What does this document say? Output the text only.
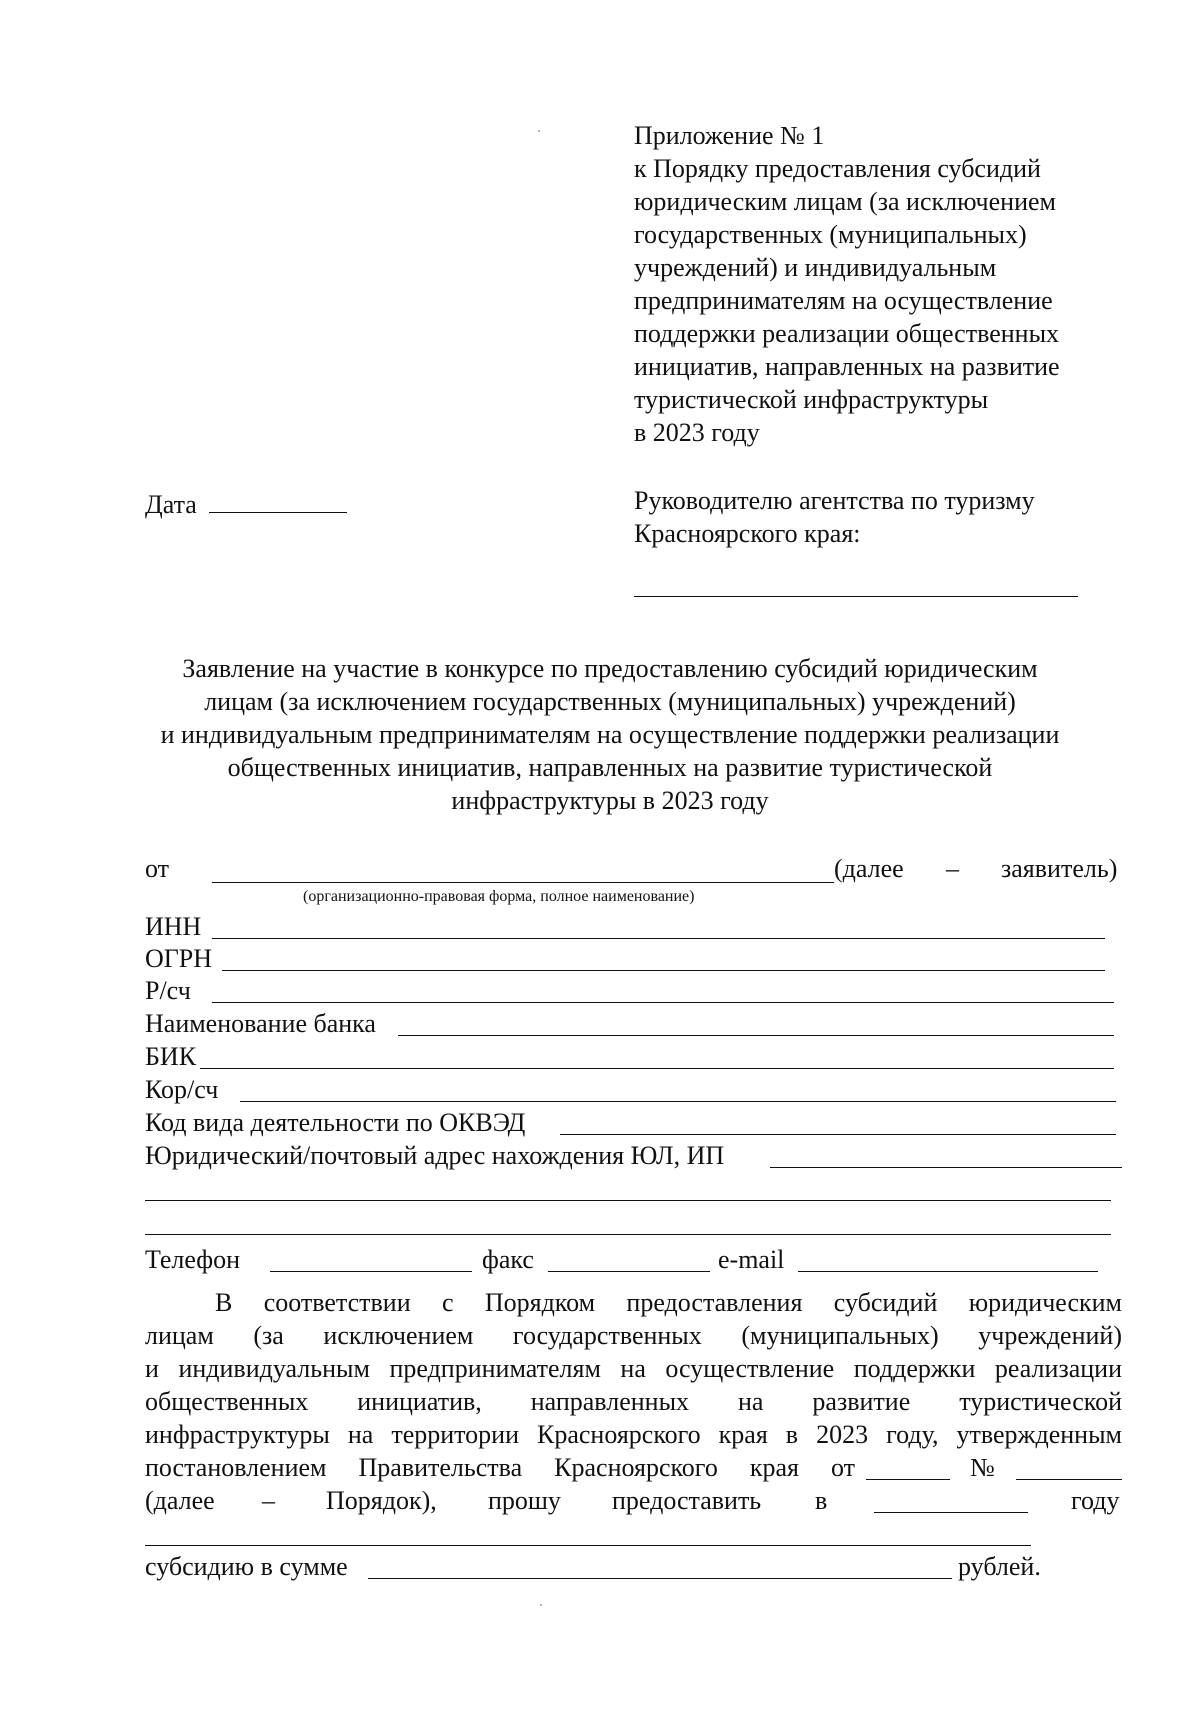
Приложение № 1
к Порядку предоставления субсидий
юридическим лицам (за исключением
государственных (муниципальных)
учреждений) и индивидуальным
предпринимателям на осуществление
поддержки реализации общественных
инициатив, направленных на развитие
туристической инфраструктуры
в 2023 году
Дата	Руководителю агентства по туризму
Красноярского края:
Заявление на участие в конкурсе по предоставлению субсидий юридическим
лицам (за исключением государственных (муниципальных) учреждений)
и индивидуальным предпринимателям на осуществление поддержки реализации
общественных инициатив, направленных на развитие туристической
инфраструктуры в 2023 году
от	(далее – заявитель)
(организационно-правовая форма, полное наименование)
ИНН
ОГРН
Р/сч
Наименование банка
БИК
Кор/сч
Код вида деятельности по ОКВЭД
Юридический/почтовый адрес нахождения ЮЛ, ИП
Телефон	факс	e-mail
В соответствии с Порядком предоставления субсидий юридическим
лицам (за исключением государственных (муниципальных) учреждений)
и индивидуальным предпринимателям на осуществление поддержки реализации
общественных инициатив, направленных на развитие туристической
инфраструктуры на территории Красноярского края в 2023 году, утвержденным
постановлением Правительства Красноярского края от	№
(далее – Порядок), прошу предоставить в	году
субсидию в сумме	рублей.
